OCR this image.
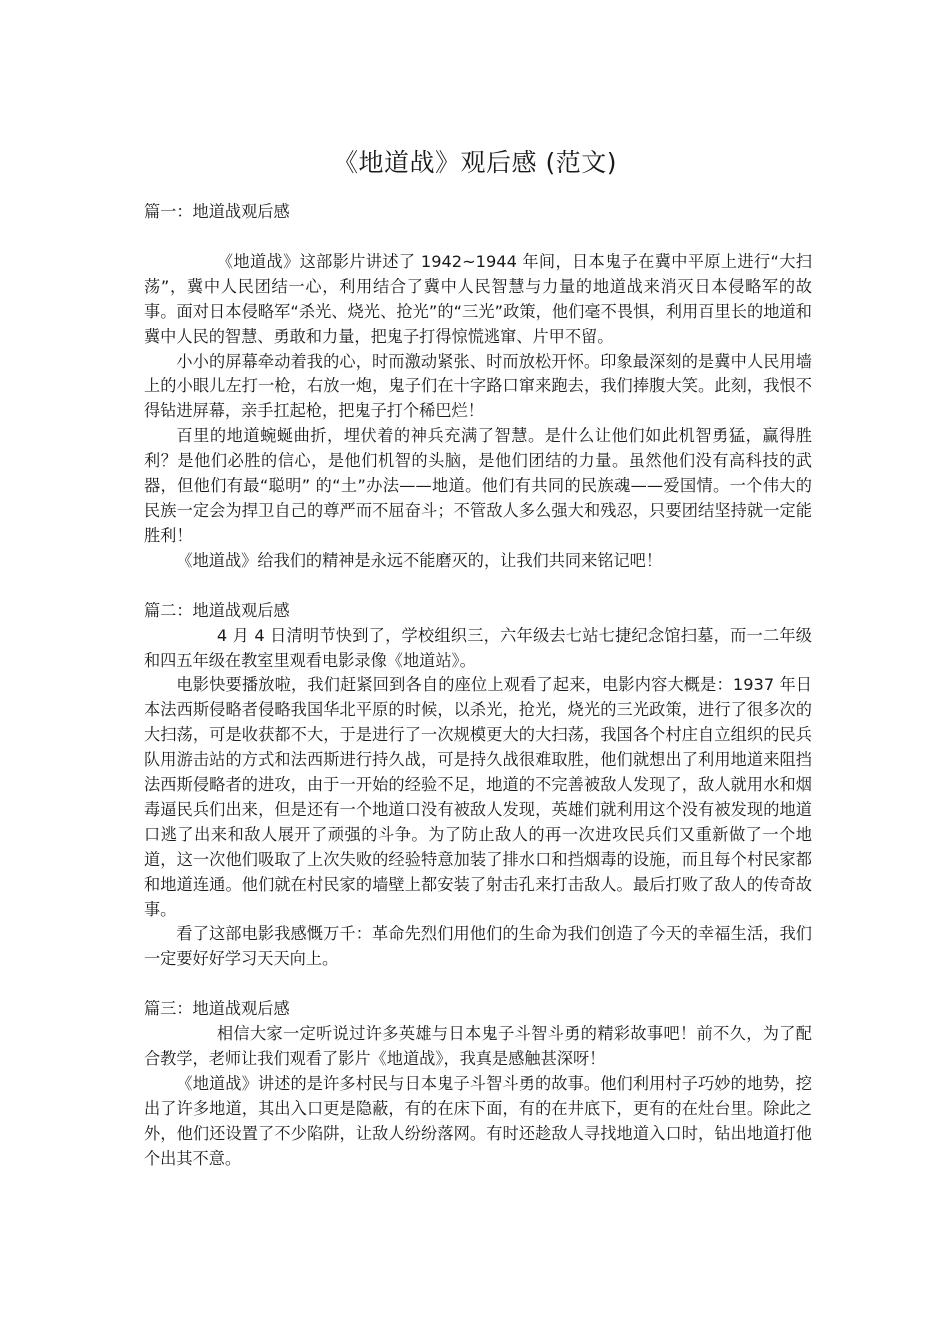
《地道战》观后感 (范文)

篇一：地道战观后感

《地道战》这部影片讲述了 1942~1944 年间，日本鬼子在冀中平原上进行“大扫荡”，冀中人民团结一心，利用结合了冀中人民智慧与力量的地道战来消灭日本侵略军的故事。面对日本侵略军“杀光、烧光、抢光”的“三光”政策，他们毫不畏惧，利用百里长的地道和冀中人民的智慧、勇敢和力量，把鬼子打得惊慌逃窜、片甲不留。

小小的屏幕牵动着我的心，时而激动紧张、时而放松开怀。印象最深刻的是冀中人民用墙上的小眼儿左打一枪，右放一炮，鬼子们在十字路口窜来跑去，我们捧腹大笑。此刻，我恨不得钻进屏幕，亲手扛起枪，把鬼子打个稀巴烂！

百里的地道蜿蜒曲折，埋伏着的神兵充满了智慧。是什么让他们如此机智勇猛，赢得胜利？是他们必胜的信心，是他们机智的头脑，是他们团结的力量。虽然他们没有高科技的武器，但他们有最“聪明” 的“土”办法——地道。他们有共同的民族魂——爱国情。一个伟大的民族一定会为捍卫自己的尊严而不屈奋斗；不管敌人多么强大和残忍，只要团结坚持就一定能胜利！

《地道战》给我们的精神是永远不能磨灭的，让我们共同来铭记吧！

篇二：地道战观后感

4 月 4 日清明节快到了，学校组织三，六年级去七站七捷纪念馆扫墓，而一二年级和四五年级在教室里观看电影录像《地道站》。

电影快要播放啦，我们赶紧回到各自的座位上观看了起来，电影内容大概是：1937 年日本法西斯侵略者侵略我国华北平原的时候，以杀光，抢光，烧光的三光政策，进行了很多次的大扫荡，可是收获都不大，于是进行了一次规模更大的大扫荡，我国各个村庄自立组织的民兵队用游击站的方式和法西斯进行持久战，可是持久战很难取胜，他们就想出了利用地道来阻挡法西斯侵略者的进攻，由于一开始的经验不足，地道的不完善被敌人发现了，敌人就用水和烟毒逼民兵们出来，但是还有一个地道口没有被敌人发现，英雄们就利用这个没有被发现的地道口逃了出来和敌人展开了顽强的斗争。为了防止敌人的再一次进攻民兵们又重新做了一个地道，这一次他们吸取了上次失败的经验特意加装了排水口和挡烟毒的设施，而且每个村民家都和地道连通。他们就在村民家的墙壁上都安装了射击孔来打击敌人。最后打败了敌人的传奇故事。

看了这部电影我感慨万千：革命先烈们用他们的生命为我们创造了今天的幸福生活，我们一定要好好学习天天向上。

篇三：地道战观后感

相信大家一定听说过许多英雄与日本鬼子斗智斗勇的精彩故事吧！前不久，为了配合教学，老师让我们观看了影片《地道战》，我真是感触甚深呀！

《地道战》讲述的是许多村民与日本鬼子斗智斗勇的故事。他们利用村子巧妙的地势，挖出了许多地道，其出入口更是隐蔽，有的在床下面，有的在井底下，更有的在灶台里。除此之外，他们还设置了不少陷阱，让敌人纷纷落网。有时还趁敌人寻找地道入口时，钻出地道打他个出其不意。
